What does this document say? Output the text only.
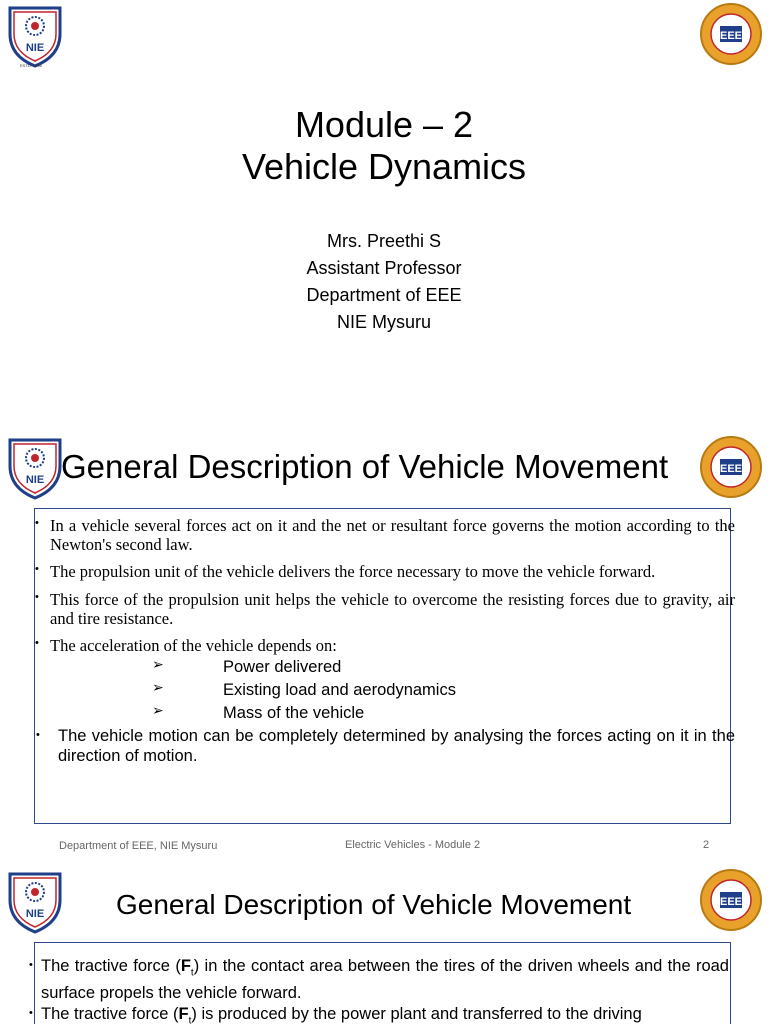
NIE
ESTD: 1946
EEE
Module – 2
Vehicle Dynamics
Mrs. Preethi S
Assistant Professor
Department of EEE
NIE Mysuru
NIE
EEE
General Description of Vehicle Movement
• In a vehicle several forces act on it and the net or resultant force governs the motion according to the Newton's second law.
• The propulsion unit of the vehicle delivers the force necessary to move the vehicle forward.
• This force of the propulsion unit helps the vehicle to overcome the resisting forces due to gravity, air and tire resistance.
• The acceleration of the vehicle depends on:
➢	Power delivered
➢	Existing load and aerodynamics
➢	Mass of the vehicle
• The vehicle motion can be completely determined by analysing the forces acting on it in the direction of motion.
Department of EEE, NIE Mysuru	Electric Vehicles - Module 2	2
NIE
EEE
General Description of Vehicle Movement
• The tractive force $(F_t)$ in the contact area between the tires of the driven wheels and the road surface propels the vehicle forward.
• The tractive force $(F_t)$ is produced by the power plant and transferred to the driving
